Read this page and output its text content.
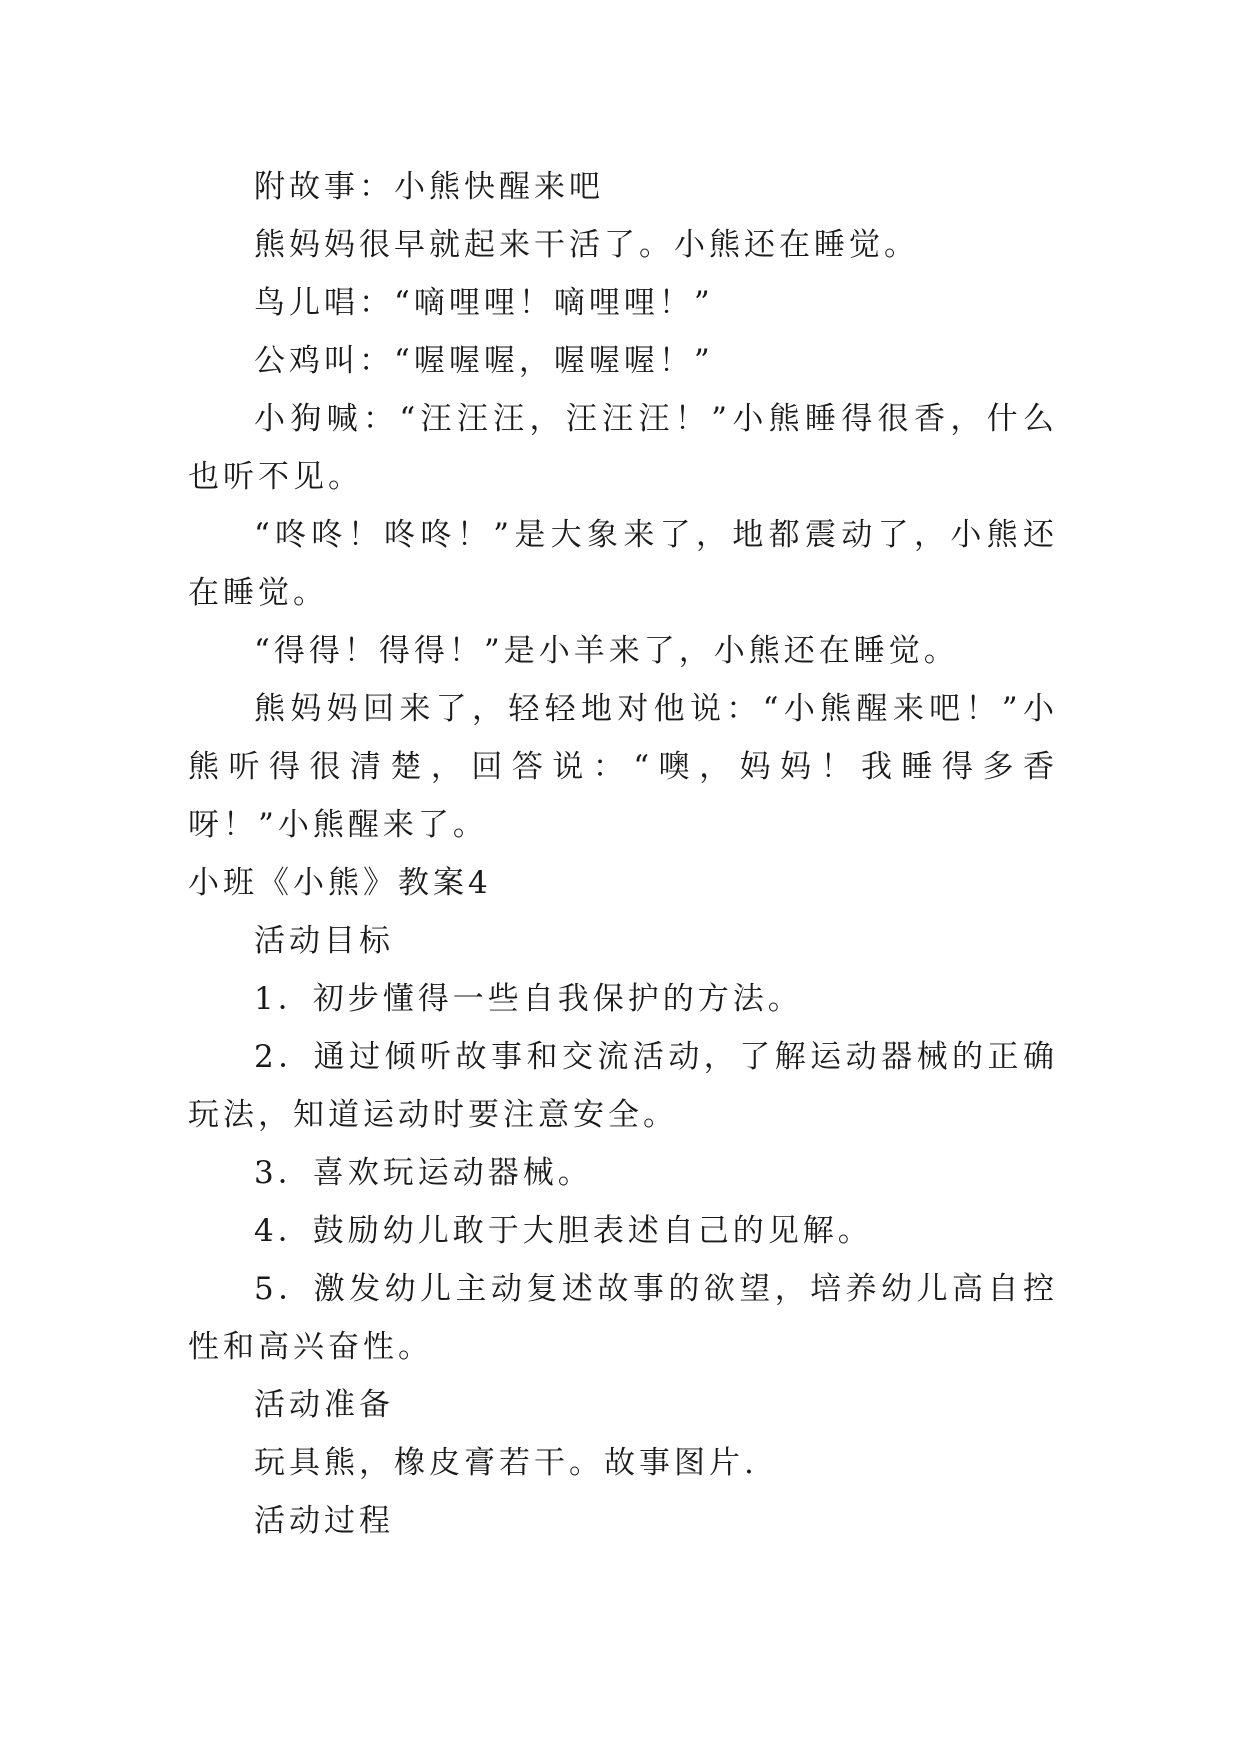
附故事：小熊快醒来吧

熊妈妈很早就起来干活了。小熊还在睡觉。

鸟儿唱：“嘀哩哩！嘀哩哩！”

公鸡叫：“喔喔喔，喔喔喔！”

小狗喊：“汪汪汪，汪汪汪！”小熊睡得很香，什么也听不见。

“咚咚！咚咚！”是大象来了，地都震动了，小熊还在睡觉。

“得得！得得！”是小羊来了，小熊还在睡觉。

熊妈妈回来了，轻轻地对他说：“小熊醒来吧！”小熊听得很清楚，回答说：“噢，妈妈！我睡得多香呀！”小熊醒来了。

小班《小熊》教案4

活动目标

1．初步懂得一些自我保护的方法。

2．通过倾听故事和交流活动，了解运动器械的正确玩法，知道运动时要注意安全。

3．喜欢玩运动器械。

4．鼓励幼儿敢于大胆表述自己的见解。

5．激发幼儿主动复述故事的欲望，培养幼儿高自控性和高兴奋性。

活动准备

玩具熊，橡皮膏若干。故事图片.

活动过程
